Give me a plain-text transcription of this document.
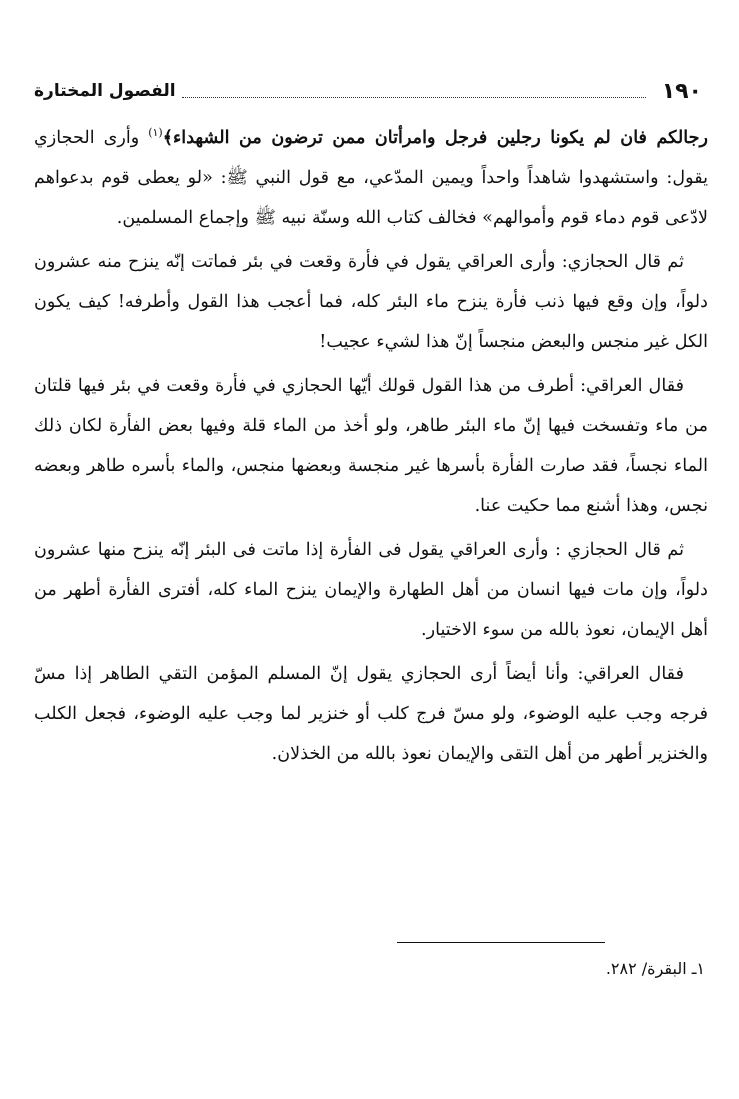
١٩٠
الفصول المختارة

رجالكم فان لم يكونا رجلين فرجل وامرأتان ممن ترضون من الشهداء﴾$^{(١)}$ وأرى الحجازي يقول: واستشهدوا شاهداً واحداً ويمين المدّعي، مع قول النبي ﷺ: «لو يعطى قوم بدعواهم لادّعى قوم دماء قوم وأموالهم» فخالف كتاب الله وسنّة نبيه ﷺ وإجماع المسلمين.

ثم قال الحجازي: وأرى العراقي يقول في فأرة وقعت في بئر فماتت إنّه ينزح منه عشرون دلواً، وإن وقع فيها ذنب فأرة ينزح ماء البئر كله، فما أعجب هذا القول وأطرفه! كيف يكون الكل غير منجس والبعض منجساً إنّ هذا لشيء عجيب!

فقال العراقي: أطرف من هذا القول قولك أيّها الحجازي في فأرة وقعت في بئر فيها قلتان من ماء وتفسخت فيها إنّ ماء البئر طاهر، ولو أخذ من الماء قلة وفيها بعض الفأرة لكان ذلك الماء نجساً، فقد صارت الفأرة بأسرها غير منجسة وبعضها منجس، والماء بأسره طاهر وبعضه نجس، وهذا أشنع مما حكيت عنا.

ثم قال الحجازي : وأرى العراقي يقول فى الفأرة إذا ماتت فى البئر إنّه ينزح منها عشرون دلواً، وإن مات فيها انسان من أهل الطهارة والإيمان ينزح الماء كله، أفترى الفأرة أطهر من أهل الإيمان، نعوذ بالله من سوء الاختيار.

فقال العراقي: وأنا أيضاً أرى الحجازي يقول إنّ المسلم المؤمن التقي الطاهر إذا مسّ فرجه وجب عليه الوضوء، ولو مسّ فرج كلب أو خنزير لما وجب عليه الوضوء، فجعل الكلب والخنزير أطهر من أهل التقى والإيمان نعوذ بالله من الخذلان.

١ـ البقرة/ ٢٨٢.
